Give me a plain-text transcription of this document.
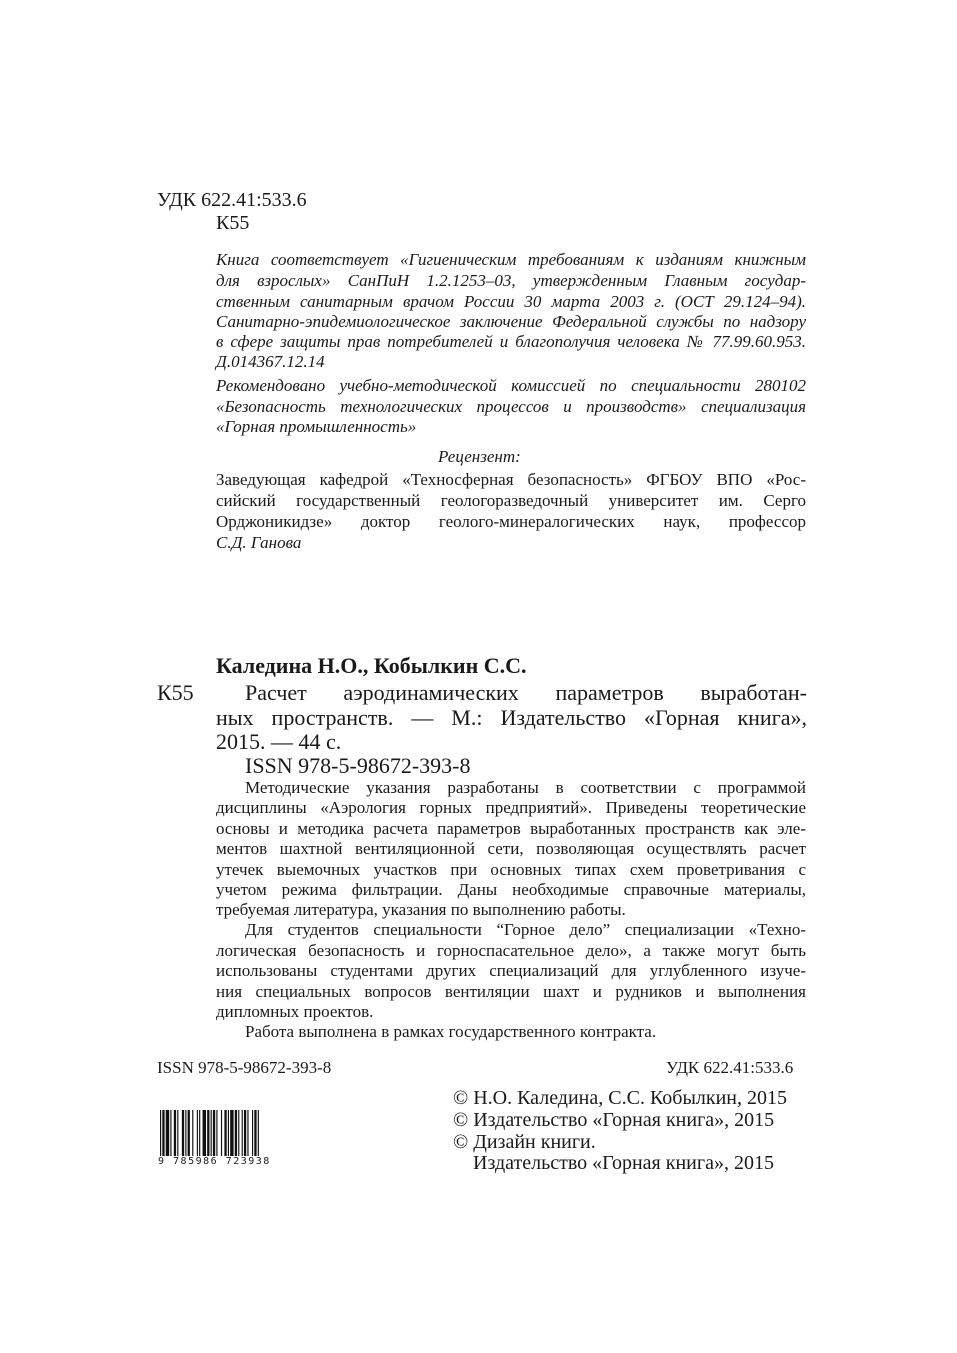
УДК 622.41:533.6
К55
Книга соответствует «Гигиеническим требованиям к изданиям книжным
для взрослых» СанПиН 1.2.1253–03, утвержденным Главным государ-
ственным санитарным врачом России 30 марта 2003 г. (ОСТ 29.124–94).
Санитарно-эпидемиологическое заключение Федеральной службы по надзору
в сфере защиты прав потребителей и благополучия человека № 77.99.60.953.
Д.014367.12.14
Рекомендовано учебно-методической комиссией по специальности 280102
«Безопасность технологических процессов и производств» специализация
«Горная промышленность»
Рецензент:
Заведующая кафедрой «Техносферная безопасность» ФГБОУ ВПО «Рос-
сийский государственный геологоразведочный университет им. Серго
Орджоникидзе» доктор геолого-минералогических наук, профессор
С.Д. Ганова
Каледина Н.О., Кобылкин С.С.
К55 Расчет аэродинамических параметров выработан-
ных пространств. — М.: Издательство «Горная книга»,
2015. — 44 с.
ISSN 978-5-98672-393-8
Методические указания разработаны в соответствии с программой
дисциплины «Аэрология горных предприятий». Приведены теоретические
основы и методика расчета параметров выработанных пространств как эле-
ментов шахтной вентиляционной сети, позволяющая осуществлять расчет
утечек выемочных участков при основных типах схем проветривания с
учетом режима фильтрации. Даны необходимые справочные материалы,
требуемая литература, указания по выполнению работы.
Для студентов специальности “Горное дело” специализации «Техно-
логическая безопасность и горноспасательное дело», а также могут быть
использованы студентами других специализаций для углубленного изуче-
ния специальных вопросов вентиляции шахт и рудников и выполнения
дипломных проектов.
Работа выполнена в рамках государственного контракта.
ISSN 978-5-98672-393-8	УДК 622.41:533.6
9 785986 723938
© Н.О. Каледина, С.С. Кобылкин, 2015
© Издательство «Горная книга», 2015
© Дизайн книги.
Издательство «Горная книга», 2015
